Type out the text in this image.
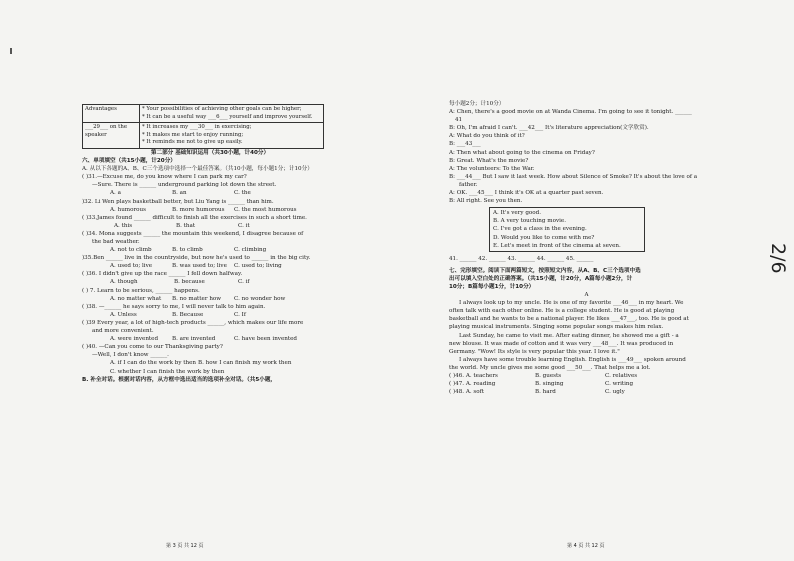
Advantages	* Your possibilities of achieving other goals can be higher;
* It can be a useful way ___6___ yourself and improve yourself.

___29___ on the speaker	* It increases my ___30___ in exercising;
* It makes me start to enjoy running;
* It reminds me not to give up easily.
第二部分 基础知识运用（共30小题，计40分）
六、单项填空（共15小题，计20分）
A. 从以下各题的A、B、C三个选项中选择一个最佳答案。（共10小题，每小题1分；计10分）
( )31.—Excuse me, do you know where I can park my car?
—Sure. There is ______ underground parking lot down the street.
A. a	B. an	C. the
)32. Li Wen plays basketball better, but Liu Yang is ______ than him.
A. humorous	B. more humorous C. the most humorous
( )33.James found ______ difficult to finish all the exercises in such a short time.
A. this	B. that	C. it
( )34. Mona suggests ______ the mountain this weekend, I disagree because of
the bad weather.
A. not to climb	B. to climb	C. climbing
)35.Ben ______ live in the countryside, but now he's used to ______ in the big city.
A. used to; live	B. was used to; live C. used to; living
( )36. I didn't give up the race ______ I fell down halfway.
A. though	B. because	C. if
( ) 7. Learn to be serious, ______ happens.
A. no matter what B. no matter how C. no wonder how
( )38. —______ he says sorry to me, I will never talk to him again.
A. Unless	B. Because	C. If
( )39 Every year, a lot of high-tech products ______, which makes our life more
and more convenient.
A. were invented B. are invented	C. have been invented
( )40. —Can you come to our Thanksgiving party?
—Well, I don't know ______.
A. if I can do the work by then B. how I can finish my work then
C. whether I can finish the work by then
B. 补全对话。根据对话内容，从方框中选出适当的选项补全对话。（共5小题，
第 3 页 共 12 页
每小题2分；计10分）
A: Chen, there's a good movie on at Wanda Cinema. I'm going to see it tonight. ______
41
B: Oh, I'm afraid I can't. ___42___ It's literature appreciation(文学欣赏).
A: What do you think of it?
B: ___43___
A: Then what about going to the cinema on Friday?
B: Great. What's the movie?
A: The volunteers: To the War.
B: ___44___ But I saw it last week. How about Silence of Smoke? It's about the love of a
father.
A: OK. ___45___ I think it's OK at a quarter past seven.
B: All right. See you then.
A. It's very good.
B. A very touching movie.
C. I've got a class in the evening.
D. Would you like to come with me?
E. Let's meet in front of the cinema at seven.
41. ______ 42. ______ 43. ______ 44. ______ 45. ______
七、完形填空。阅读下面两篇短文，按照短文内容，从A、B、C三个选项中选
出可以填入空白处的正确答案。（共15小题，计20分，A篇每小题2分，计
10分；B篇每小题1分，计10分）
A
I always look up to my uncle. He is one of my favorite ___46___ in my heart. We
often talk with each other online. He is a college student. He is good at playing
basketball and he wants to be a national player. He likes ___47___, too. He is good at
playing musical instruments. Singing some popular songs makes him relax.
Last Sunday, he came to visit me. After eating dinner, he showed me a gift - a
new blouse. It was made of cotton and it was very ___48___. It was produced in
Germany. "Wow! Its style is very popular this year. I love it."
I always have some trouble learning English. English is ___49___ spoken around
the world. My uncle gives me some good ___50___. That helps me a lot.
( )46. A. teachers	B. guests	C. relatives
( )47. A. reading	B. singing	C. writing
( )48. A. soft	B. hard	C. ugly
第 4 页 共 12 页
2/6
